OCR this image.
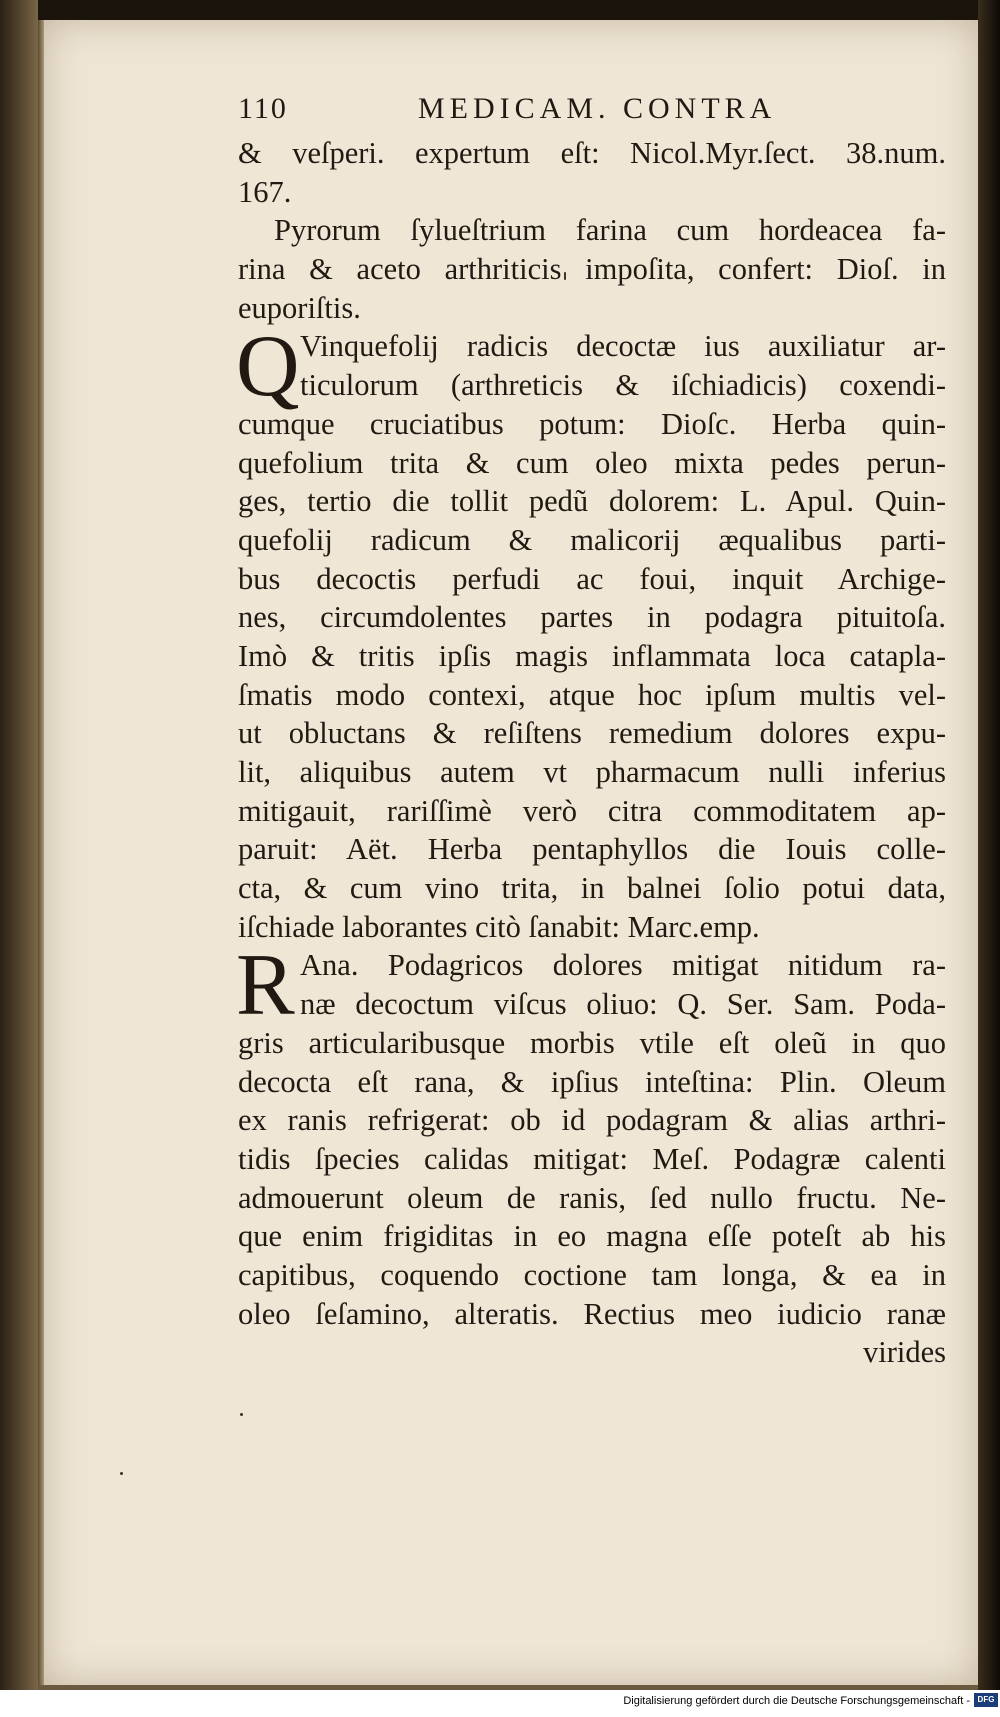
110	MEDICAM. CONTRA
& veſperi. expertum eſt: Nicol.Myr.ſect. 38.num.
167.
Pyrorum ſylueſtrium farina cum hordeacea fa-
rina & aceto arthriticis impoſita, confert: Dioſ. in
euporiſtis.
Q Vinquefolij radicis decoctæ ius auxiliatur ar-
ticulorum (arthreticis & iſchiadicis) coxendi-
cumque cruciatibus potum: Dioſc. Herba quin-
quefolium trita & cum oleo mixta pedes perun-
ges, tertio die tollit pedũ dolorem: L. Apul. Quin-
quefolij radicum & malicorij æqualibus parti-
bus decoctis perfudi ac foui, inquit Archige-
nes, circumdolentes partes in podagra pituitoſa.
Imò & tritis ipſis magis inflammata loca catapla-
ſmatis modo contexi, atque hoc ipſum multis vel-
ut obluctans & reſiſtens remedium dolores expu-
lit, aliquibus autem vt pharmacum nulli inferius
mitigauit, rariſſimè verò citra commoditatem ap-
paruit: Aët. Herba pentaphyllos die Iouis colle-
cta, & cum vino trita, in balnei ſolio potui data,
iſchiade laborantes citò ſanabit: Marc.emp.
R Ana. Podagricos dolores mitigat nitidum ra-
næ decoctum viſcus oliuo: Q. Ser. Sam. Poda-
gris articularibusque morbis vtile eſt oleũ in quo
decocta eſt rana, & ipſius inteſtina: Plin. Oleum
ex ranis refrigerat: ob id podagram & alias arthri-
tidis ſpecies calidas mitigat: Meſ. Podagræ calenti
admouerunt oleum de ranis, ſed nullo fructu. Ne-
que enim frigiditas in eo magna eſſe poteſt ab his
capitibus, coquendo coctione tam longa, & ea in
oleo ſeſamino, alteratis. Rectius meo iudicio ranæ
virides
Digitalisierung gefördert durch die Deutsche Forschungsgemeinschaft - DFG
